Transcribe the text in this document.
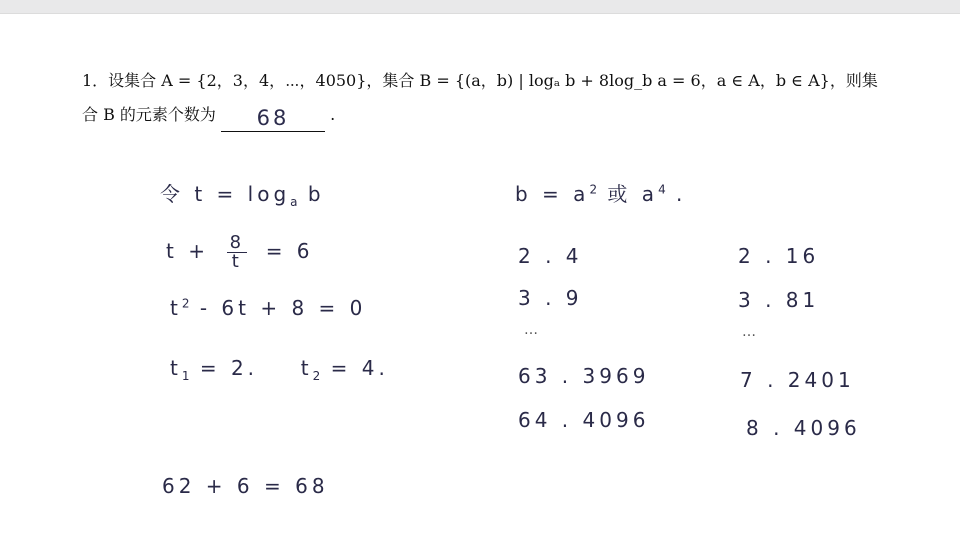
1．设集合 A = {2，3，4，⋯，4050}，集合 B = {(a，b) | logₐ b + 8log_b a = 6，a ∈ A，b ∈ A}，则集
合 B 的元素个数为	68	.
令 $t = \log_a b$
$t + \frac{8}{t} = 6$
$t^2 - 6t + 8 = 0$
$t_1 = 2$. $t_2 = 4$.
62 + 6 = 68
$b = a^2$ 或 $a^4$ .
2 . 4
3 . 9
…
63 . 3969
64 . 4096
2 . 16
3 . 81
…
7 . 2401
8 . 4096
